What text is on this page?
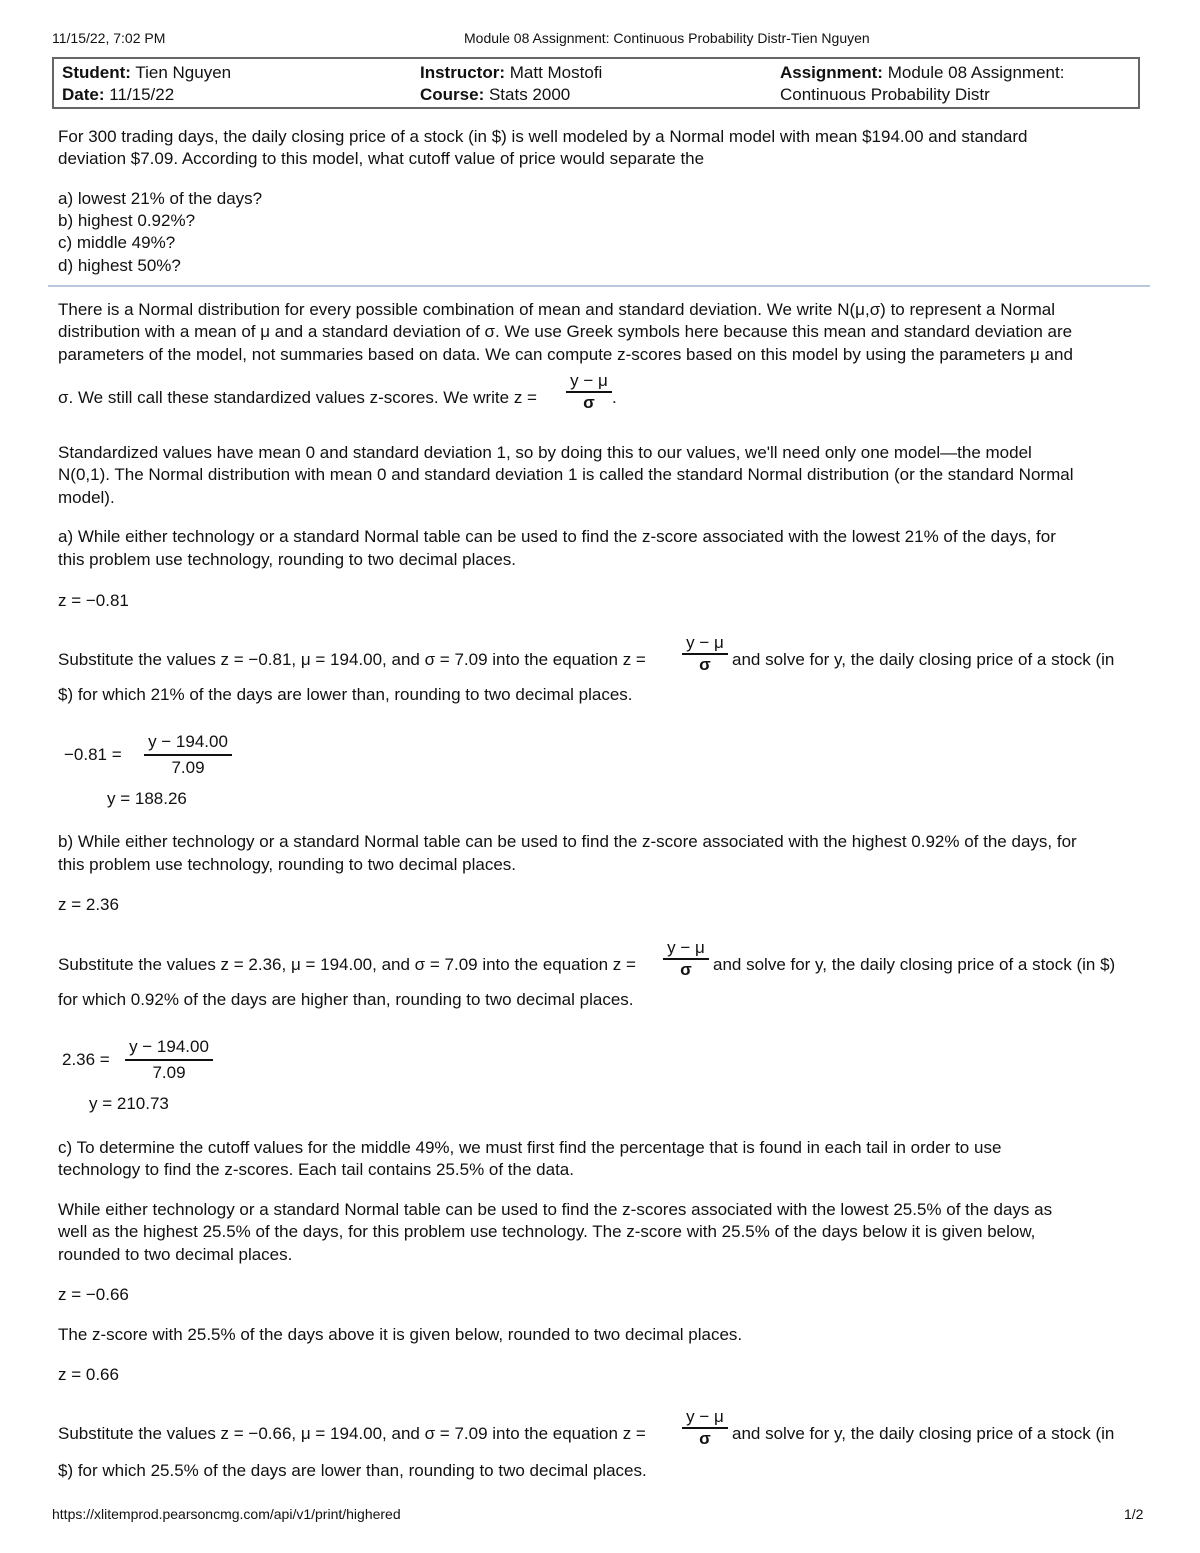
11/15/22, 7:02 PM	Module 08 Assignment: Continuous Probability Distr-Tien Nguyen
Student: Tien Nguyen
Date: 11/15/22
Instructor: Matt Mostofi
Course: Stats 2000
Assignment: Module 08 Assignment:
Continuous Probability Distr
For 300 trading days, the daily closing price of a stock (in $) is well modeled by a Normal model with mean $194.00 and standard
deviation $7.09. According to this model, what cutoff value of price would separate the
a) lowest 21% of the days?
b) highest 0.92%?
c) middle 49%?
d) highest 50%?
There is a Normal distribution for every possible combination of mean and standard deviation. We write N(μ,σ) to represent a Normal
distribution with a mean of μ and a standard deviation of σ. We use Greek symbols here because this mean and standard deviation are
parameters of the model, not summaries based on data. We can compute z-scores based on this model by using the parameters μ and
σ. We still call these standardized values z-scores. We write $z = \frac{y - \mu}{\sigma}$ .
Standardized values have mean 0 and standard deviation 1, so by doing this to our values, we'll need only one model—the model
N(0,1). The Normal distribution with mean 0 and standard deviation 1 is called the standard Normal distribution (or the standard Normal
model).
a) While either technology or a standard Normal table can be used to find the z-score associated with the lowest 21% of the days, for
this problem use technology, rounding to two decimal places.
z = −0.81
Substitute the values z = −0.81, μ = 194.00, and σ = 7.09 into the equation $z = \frac{y - \mu}{\sigma}$ and solve for y, the daily closing price of a stock (in
$) for which 21% of the days are lower than, rounding to two decimal places.
$-0.81 = \frac{y - 194.00}{7.09}$
y = 188.26
b) While either technology or a standard Normal table can be used to find the z-score associated with the highest 0.92% of the days, for
this problem use technology, rounding to two decimal places.
z = 2.36
Substitute the values z = 2.36, μ = 194.00, and σ = 7.09 into the equation $z = \frac{y - \mu}{\sigma}$ and solve for y, the daily closing price of a stock (in $)
for which 0.92% of the days are higher than, rounding to two decimal places.
$2.36 = \frac{y - 194.00}{7.09}$
y = 210.73
c) To determine the cutoff values for the middle 49%, we must first find the percentage that is found in each tail in order to use
technology to find the z-scores. Each tail contains 25.5% of the data.
While either technology or a standard Normal table can be used to find the z-scores associated with the lowest 25.5% of the days as
well as the highest 25.5% of the days, for this problem use technology. The z-score with 25.5% of the days below it is given below,
rounded to two decimal places.
z = −0.66
The z-score with 25.5% of the days above it is given below, rounded to two decimal places.
z = 0.66
Substitute the values z = −0.66, μ = 194.00, and σ = 7.09 into the equation $z = \frac{y - \mu}{\sigma}$ and solve for y, the daily closing price of a stock (in
$) for which 25.5% of the days are lower than, rounding to two decimal places.
https://xlitemprod.pearsoncmg.com/api/v1/print/highered	1/2
